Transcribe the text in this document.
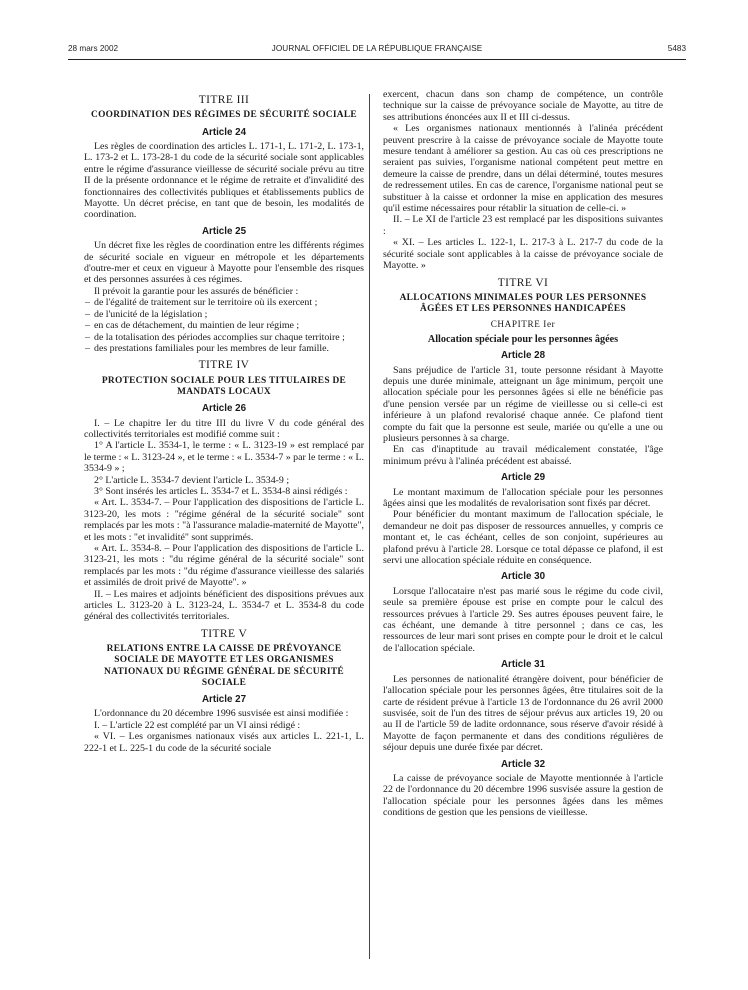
28 mars 2002	JOURNAL OFFICIEL DE LA RÉPUBLIQUE FRANÇAISE	5483
TITRE III
COORDINATION DES RÉGIMES DE SÉCURITÉ SOCIALE
Article 24

Les règles de coordination des articles L. 171-1, L. 171-2, L. 173-1, L. 173-2 et L. 173-28-1 du code de la sécurité sociale sont applicables entre le régime d'assurance vieillesse de sécurité sociale prévu au titre II de la présente ordonnance et le régime de retraite et d'invalidité des fonctionnaires des collectivités publiques et établissements publics de Mayotte. Un décret précise, en tant que de besoin, les modalités de coordination.

Article 25

Un décret fixe les règles de coordination entre les différents régimes de sécurité sociale en vigueur en métropole et les départements d'outre-mer et ceux en vigueur à Mayotte pour l'ensemble des risques et des personnes assurées à ces régimes.

Il prévoit la garantie pour les assurés de bénéficier :

– de l'égalité de traitement sur le territoire où ils exercent ;
– de l'unicité de la législation ;
– en cas de détachement, du maintien de leur régime ;
– de la totalisation des périodes accomplies sur chaque territoire ;
– des prestations familiales pour les membres de leur famille.
TITRE IV
PROTECTION SOCIALE POUR LES TITULAIRES DE MANDATS LOCAUX
Article 26

I. – Le chapitre Ier du titre III du livre V du code général des collectivités territoriales est modifié comme suit :

1° A l'article L. 3534-1, le terme : « L. 3123-19 » est remplacé par le terme : « L. 3123-24 », et le terme : « L. 3534-7 » par le terme : « L. 3534-9 » ;

2° L'article L. 3534-7 devient l'article L. 3534-9 ;

3° Sont insérés les articles L. 3534-7 et L. 3534-8 ainsi rédigés :

« Art. L. 3534-7. – Pour l'application des dispositions de l'article L. 3123-20, les mots : "régime général de la sécurité sociale" sont remplacés par les mots : "à l'assurance maladie-maternité de Mayotte", et les mots : "et invalidité" sont supprimés.

« Art. L. 3534-8. – Pour l'application des dispositions de l'article L. 3123-21, les mots : "du régime général de la sécurité sociale" sont remplacés par les mots : "du régime d'assurance vieillesse des salariés et assimilés de droit privé de Mayotte". »

II. – Les maires et adjoints bénéficient des dispositions prévues aux articles L. 3123-20 à L. 3123-24, L. 3534-7 et L. 3534-8 du code général des collectivités territoriales.

TITRE V
RELATIONS ENTRE LA CAISSE DE PRÉVOYANCE SOCIALE DE MAYOTTE ET LES ORGANISMES NATIONAUX DU RÉGIME GÉNÉRAL DE SÉCURITÉ SOCIALE
Article 27

L'ordonnance du 20 décembre 1996 susvisée est ainsi modifiée :

I. – L'article 22 est complété par un VI ainsi rédigé :

« VI. – Les organismes nationaux visés aux articles L. 221-1, L. 222-1 et L. 225-1 du code de la sécurité sociale

exercent, chacun dans son champ de compétence, un contrôle technique sur la caisse de prévoyance sociale de Mayotte, au titre de ses attributions énoncées aux II et III ci-dessus.

« Les organismes nationaux mentionnés à l'alinéa précédent peuvent prescrire à la caisse de prévoyance sociale de Mayotte toute mesure tendant à améliorer sa gestion. Au cas où ces prescriptions ne seraient pas suivies, l'organisme national compétent peut mettre en demeure la caisse de prendre, dans un délai déterminé, toutes mesures de redressement utiles. En cas de carence, l'organisme national peut se substituer à la caisse et ordonner la mise en application des mesures qu'il estime nécessaires pour rétablir la situation de celle-ci. »

II. – Le XI de l'article 23 est remplacé par les dispositions suivantes :

« XI. – Les articles L. 122-1, L. 217-3 à L. 217-7 du code de la sécurité sociale sont applicables à la caisse de prévoyance sociale de Mayotte. »

TITRE VI
ALLOCATIONS MINIMALES POUR LES PERSONNES ÂGÉES ET LES PERSONNES HANDICAPÉES
CHAPITRE Ier
Allocation spéciale pour les personnes âgées
Article 28

Sans préjudice de l'article 31, toute personne résidant à Mayotte depuis une durée minimale, atteignant un âge minimum, perçoit une allocation spéciale pour les personnes âgées si elle ne bénéficie pas d'une pension versée par un régime de vieillesse ou si celle-ci est inférieure à un plafond revalorisé chaque année. Ce plafond tient compte du fait que la personne est seule, mariée ou qu'elle a une ou plusieurs personnes à sa charge.

En cas d'inaptitude au travail médicalement constatée, l'âge minimum prévu à l'alinéa précédent est abaissé.

Article 29

Le montant maximum de l'allocation spéciale pour les personnes âgées ainsi que les modalités de revalorisation sont fixés par décret.

Pour bénéficier du montant maximum de l'allocation spéciale, le demandeur ne doit pas disposer de ressources annuelles, y compris ce montant et, le cas échéant, celles de son conjoint, supérieures au plafond prévu à l'article 28. Lorsque ce total dépasse ce plafond, il est servi une allocation spéciale réduite en conséquence.

Article 30

Lorsque l'allocataire n'est pas marié sous le régime du code civil, seule sa première épouse est prise en compte pour le calcul des ressources prévues à l'article 29. Ses autres épouses peuvent faire, le cas échéant, une demande à titre personnel ; dans ce cas, les ressources de leur mari sont prises en compte pour le droit et le calcul de l'allocation spéciale.

Article 31

Les personnes de nationalité étrangère doivent, pour bénéficier de l'allocation spéciale pour les personnes âgées, être titulaires soit de la carte de résident prévue à l'article 13 de l'ordonnance du 26 avril 2000 susvisée, soit de l'un des titres de séjour prévus aux articles 19, 20 ou au II de l'article 59 de ladite ordonnance, sous réserve d'avoir résidé à Mayotte de façon permanente et dans des conditions régulières de séjour depuis une durée fixée par décret.

Article 32

La caisse de prévoyance sociale de Mayotte mentionnée à l'article 22 de l'ordonnance du 20 décembre 1996 susvisée assure la gestion de l'allocation spéciale pour les personnes âgées dans les mêmes conditions de gestion que les pensions de vieillesse.
